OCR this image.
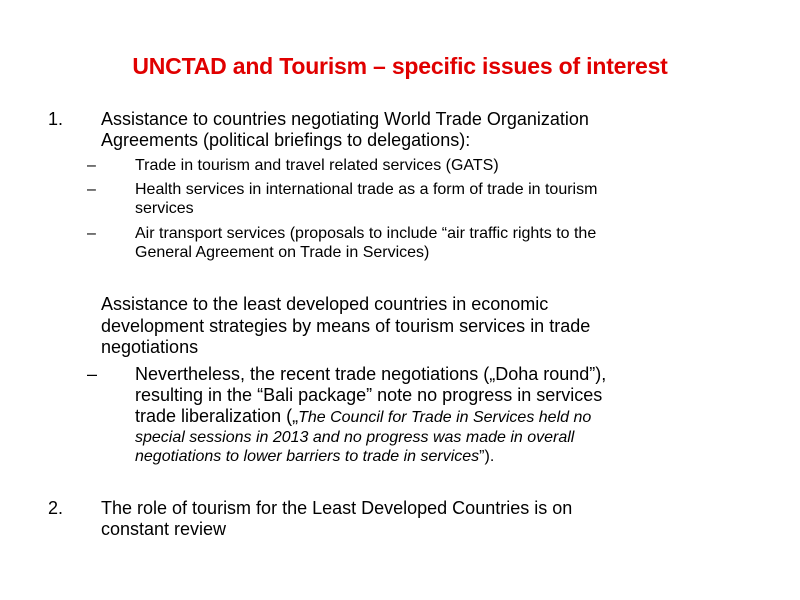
UNCTAD and Tourism – specific issues of interest
1. Assistance to countries negotiating World Trade Organization
Agreements (political briefings to delegations):
– Trade in tourism and travel related services (GATS)
– Health services in international trade as a form of trade in tourism
services
– Air transport services (proposals to include “air traffic rights to the
General Agreement on Trade in Services)
Assistance to the least developed countries in economic
development strategies by means of tourism services in trade
negotiations
– Nevertheless, the recent trade negotiations („Doha round”),
resulting in the “Bali package” note no progress in services
trade liberalization („The Council for Trade in Services held no
special sessions in 2013 and no progress was made in overall
negotiations to lower barriers to trade in services”).
2. The role of tourism for the Least Developed Countries is on
constant review
